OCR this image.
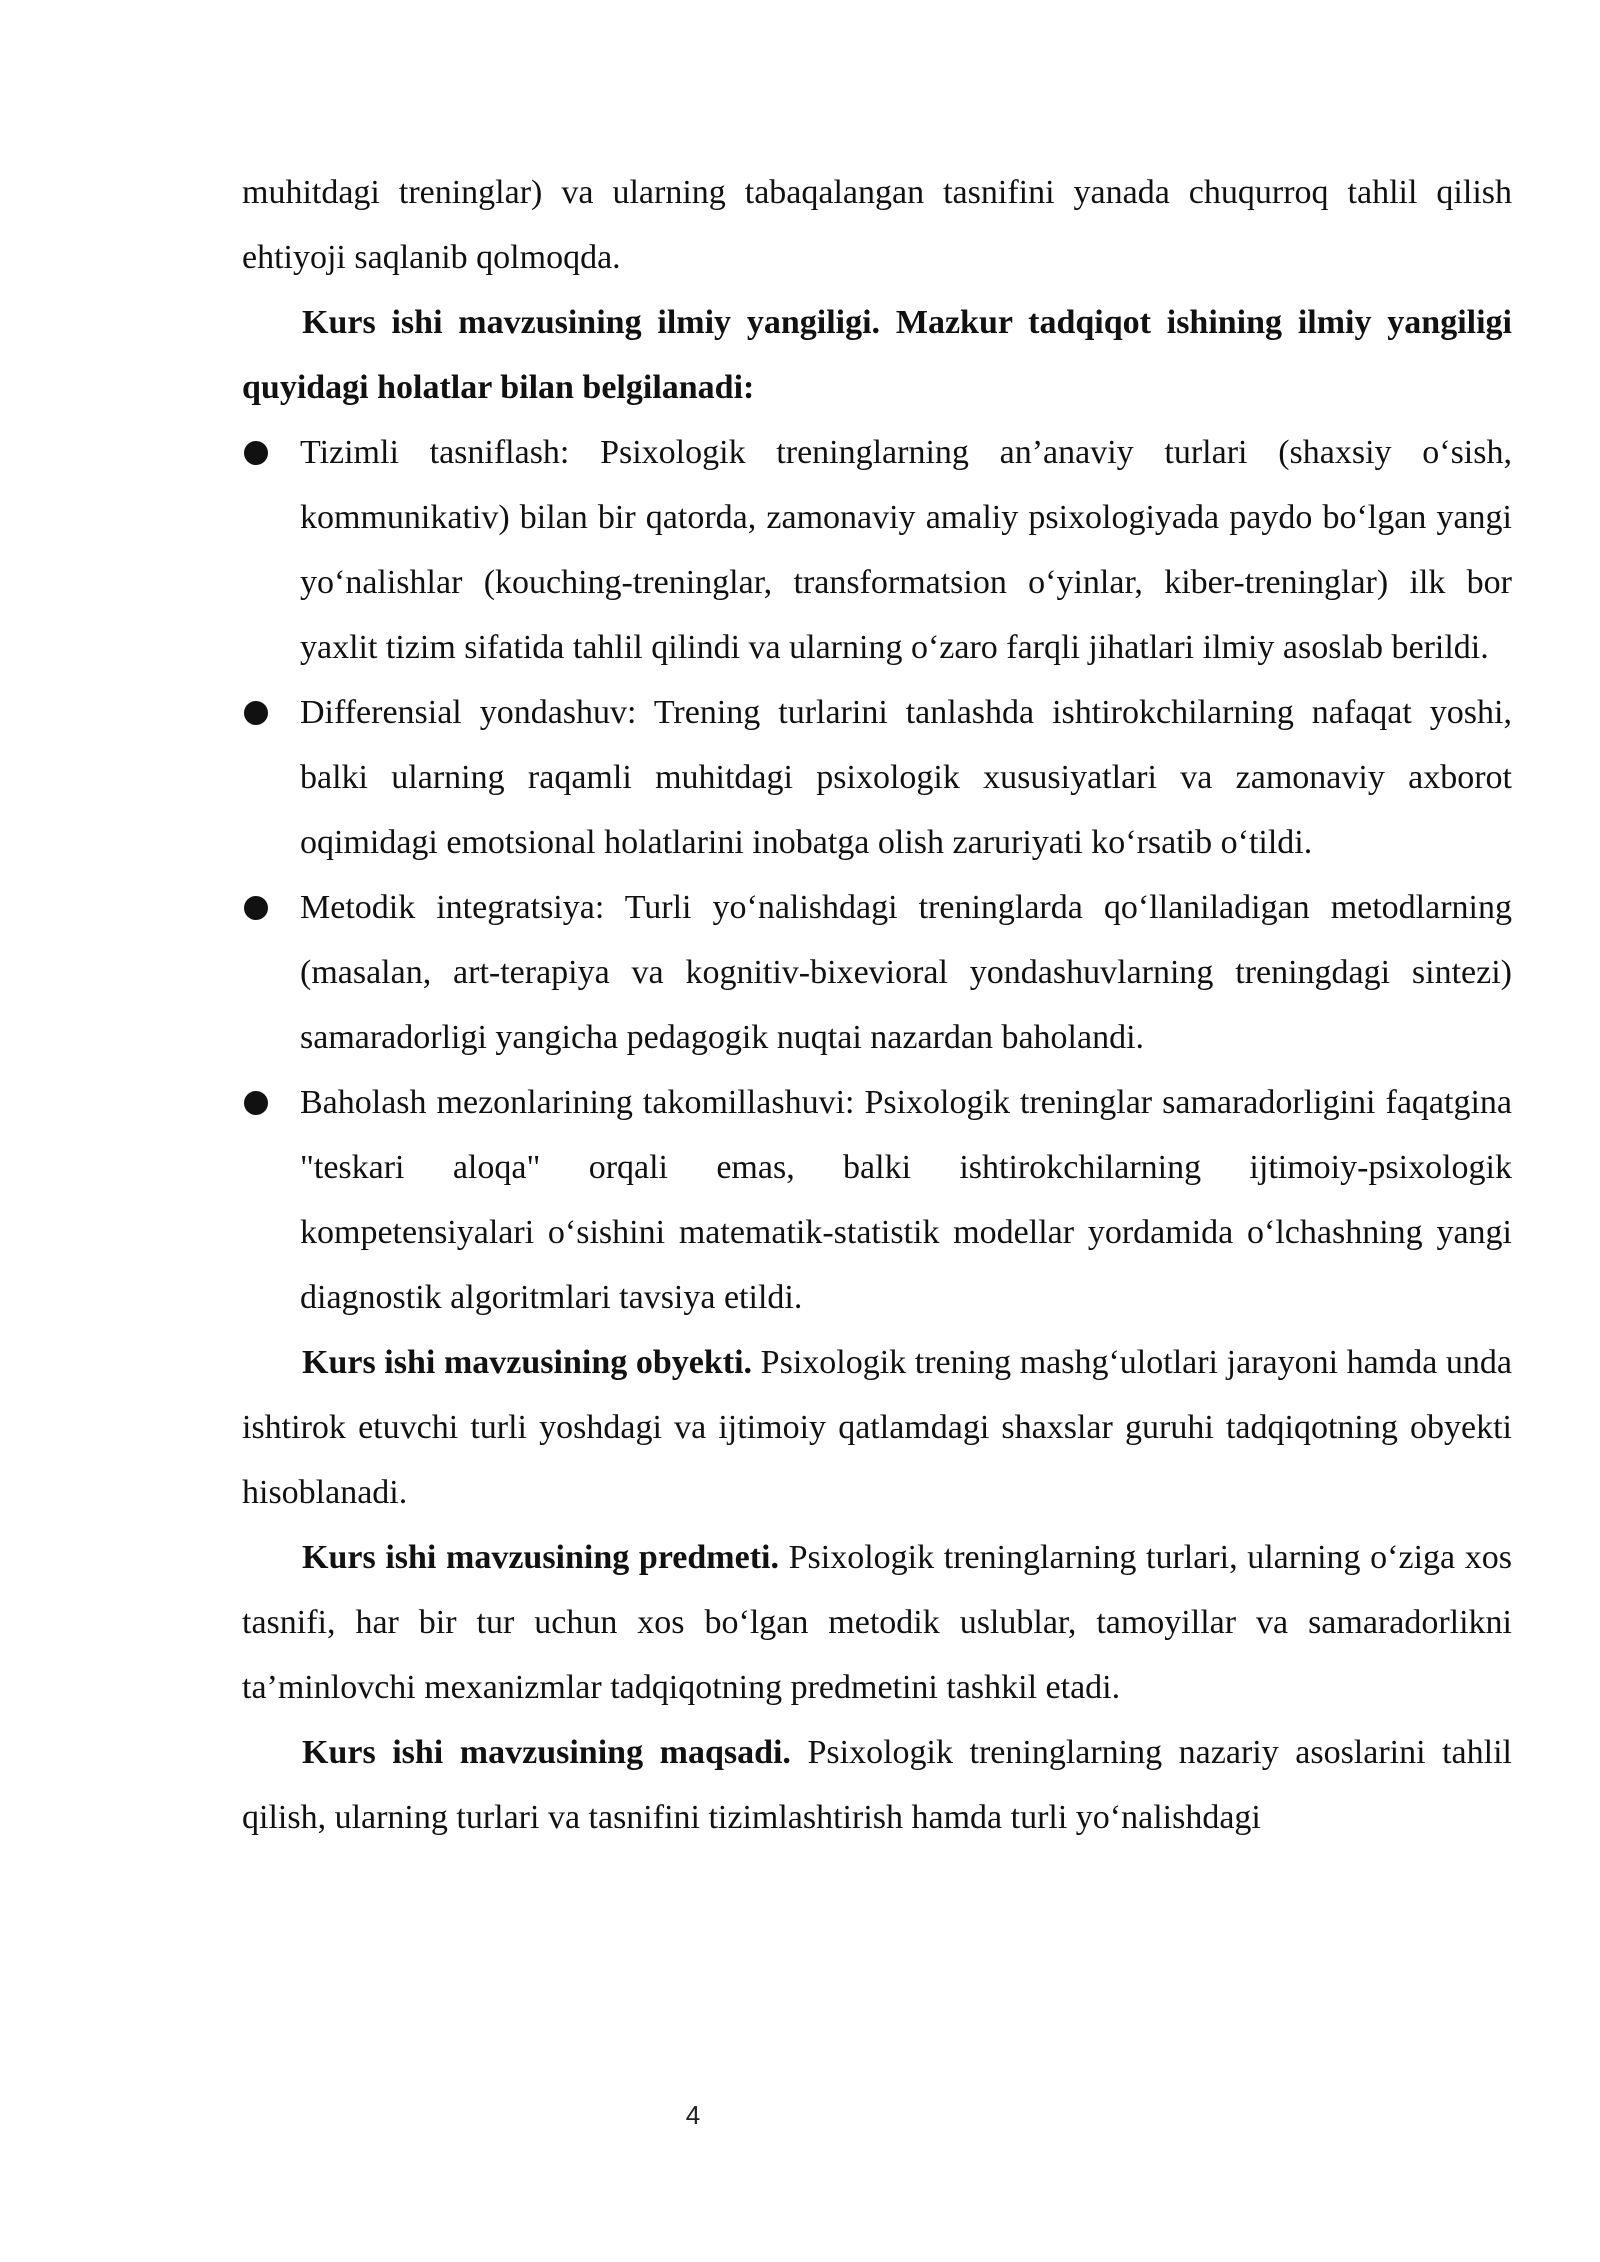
muhitdagi treninglar) va ularning tabaqalangan tasnifini yanada chuqurroq tahlil qilish ehtiyoji saqlanib qolmoqda.

Kurs ishi mavzusining ilmiy yangiligi. Mazkur tadqiqot ishining ilmiy yangiligi quyidagi holatlar bilan belgilanadi:

Tizimli tasniflash: Psixologik treninglarning an’anaviy turlari (shaxsiy o‘sish, kommunikativ) bilan bir qatorda, zamonaviy amaliy psixologiyada paydo bo‘lgan yangi yo‘nalishlar (kouching-treninglar, transformatsion o‘yinlar, kiber-treninglar) ilk bor yaxlit tizim sifatida tahlil qilindi va ularning o‘zaro farqli jihatlari ilmiy asoslab berildi.
Differensial yondashuv: Trening turlarini tanlashda ishtirokchilarning nafaqat yoshi, balki ularning raqamli muhitdagi psixologik xususiyatlari va zamonaviy axborot oqimidagi emotsional holatlarini inobatga olish zaruriyati ko‘rsatib o‘tildi.
Metodik integratsiya: Turli yo‘nalishdagi treninglarda qo‘llaniladigan metodlarning (masalan, art-terapiya va kognitiv-bixevioral yondashuvlarning treningdagi sintezi) samaradorligi yangicha pedagogik nuqtai nazardan baholandi.
Baholash mezonlarining takomillashuvi: Psixologik treninglar samaradorligini faqatgina "teskari aloqa" orqali emas, balki ishtirokchilarning ijtimoiy-psixologik kompetensiyalari o‘sishini matematik-statistik modellar yordamida o‘lchashning yangi diagnostik algoritmlari tavsiya etildi.

Kurs ishi mavzusining obyekti. Psixologik trening mashg‘ulotlari jarayoni hamda unda ishtirok etuvchi turli yoshdagi va ijtimoiy qatlamdagi shaxslar guruhi tadqiqotning obyekti hisoblanadi.

Kurs ishi mavzusining predmeti. Psixologik treninglarning turlari, ularning o‘ziga xos tasnifi, har bir tur uchun xos bo‘lgan metodik uslublar, tamoyillar va samaradorlikni ta’minlovchi mexanizmlar tadqiqotning predmetini tashkil etadi.

Kurs ishi mavzusining maqsadi. Psixologik treninglarning nazariy asoslarini tahlil qilish, ularning turlari va tasnifini tizimlashtirish hamda turli yo‘nalishdagi

4
